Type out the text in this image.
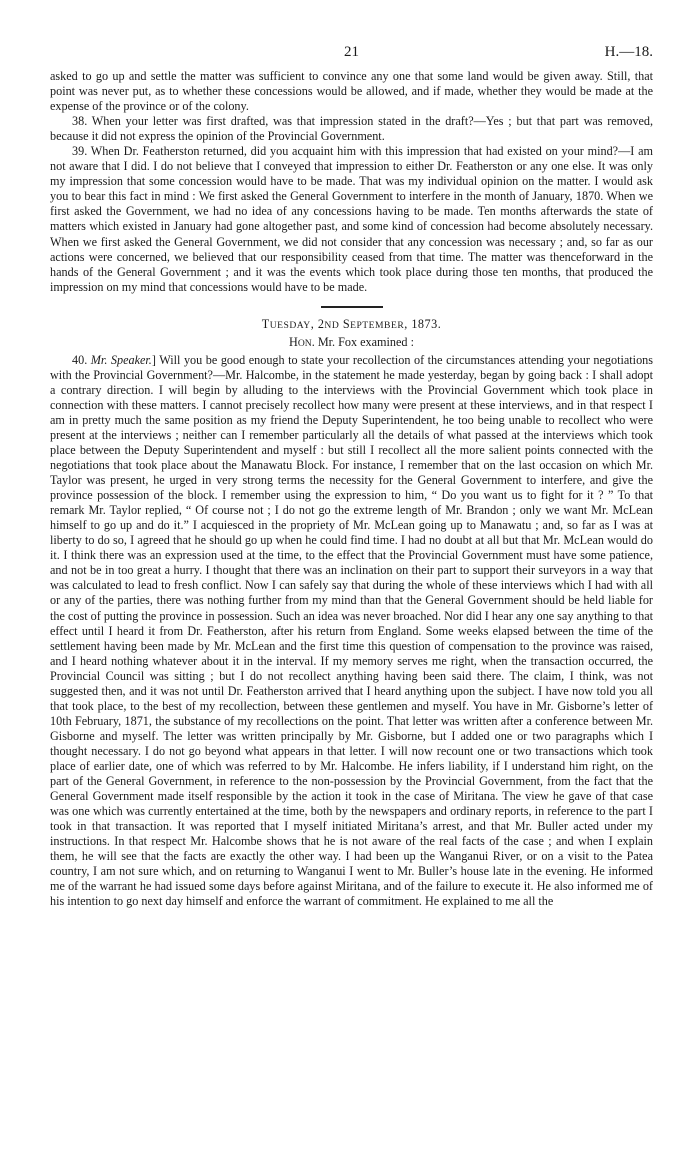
21	H.—18.

asked to go up and settle the matter was sufficient to convince any one that some land would be given away. Still, that point was never put, as to whether these concessions would be allowed, and if made, whether they would be made at the expense of the province or of the colony.

38. When your letter was first drafted, was that impression stated in the draft?—Yes ; but that part was removed, because it did not express the opinion of the Provincial Government.

39. When Dr. Featherston returned, did you acquaint him with this impression that had existed on your mind?—I am not aware that I did. I do not believe that I conveyed that impression to either Dr. Featherston or any one else. It was only my impression that some concession would have to be made. That was my individual opinion on the matter. I would ask you to bear this fact in mind : We first asked the General Government to interfere in the month of January, 1870. When we first asked the Government, we had no idea of any concessions having to be made. Ten months afterwards the state of matters which existed in January had gone altogether past, and some kind of concession had become absolutely necessary. When we first asked the General Government, we did not consider that any concession was necessary ; and, so far as our actions were concerned, we believed that our responsibility ceased from that time. The matter was thenceforward in the hands of the General Government ; and it was the events which took place during those ten months, that produced the impression on my mind that concessions would have to be made.

TUESDAY, 2ND SEPTEMBER, 1873.
HON. Mr. Fox examined :

40. Mr. Speaker.] Will you be good enough to state your recollection of the circumstances attending your negotiations with the Provincial Government?—Mr. Halcombe, in the statement he made yesterday, began by going back : I shall adopt a contrary direction. I will begin by alluding to the interviews with the Provincial Government which took place in connection with these matters. I cannot precisely recollect how many were present at these interviews, and in that respect I am in pretty much the same position as my friend the Deputy Superintendent, he too being unable to recollect who were present at the interviews ; neither can I remember particularly all the details of what passed at the interviews which took place between the Deputy Superintendent and myself : but still I recollect all the more salient points connected with the negotiations that took place about the Manawatu Block. For instance, I remember that on the last occasion on which Mr. Taylor was present, he urged in very strong terms the necessity for the General Government to interfere, and give the province possession of the block. I remember using the expression to him, “ Do you want us to fight for it ? ” To that remark Mr. Taylor replied, “ Of course not ; I do not go the extreme length of Mr. Brandon ; only we want Mr. McLean himself to go up and do it.” I acquiesced in the propriety of Mr. McLean going up to Manawatu ; and, so far as I was at liberty to do so, I agreed that he should go up when he could find time. I had no doubt at all but that Mr. McLean would do it. I think there was an expression used at the time, to the effect that the Provincial Government must have some patience, and not be in too great a hurry. I thought that there was an inclination on their part to support their surveyors in a way that was calculated to lead to fresh conflict. Now I can safely say that during the whole of these interviews which I had with all or any of the parties, there was nothing further from my mind than that the General Government should be held liable for the cost of putting the province in possession. Such an idea was never broached. Nor did I hear any one say anything to that effect until I heard it from Dr. Featherston, after his return from England. Some weeks elapsed between the time of the settlement having been made by Mr. McLean and the first time this question of compensation to the province was raised, and I heard nothing whatever about it in the interval. If my memory serves me right, when the transaction occurred, the Provincial Council was sitting ; but I do not recollect anything having been said there. The claim, I think, was not suggested then, and it was not until Dr. Featherston arrived that I heard anything upon the subject. I have now told you all that took place, to the best of my recollection, between these gentlemen and myself. You have in Mr. Gisborne’s letter of 10th February, 1871, the substance of my recollections on the point. That letter was written after a conference between Mr. Gisborne and myself. The letter was written principally by Mr. Gisborne, but I added one or two paragraphs which I thought necessary. I do not go beyond what appears in that letter. I will now recount one or two transactions which took place of earlier date, one of which was referred to by Mr. Halcombe. He infers liability, if I understand him right, on the part of the General Government, in reference to the non-possession by the Provincial Government, from the fact that the General Government made itself responsible by the action it took in the case of Miritana. The view he gave of that case was one which was currently entertained at the time, both by the newspapers and ordinary reports, in reference to the part I took in that transaction. It was reported that I myself initiated Miritana’s arrest, and that Mr. Buller acted under my instructions. In that respect Mr. Halcombe shows that he is not aware of the real facts of the case ; and when I explain them, he will see that the facts are exactly the other way. I had been up the Wanganui River, or on a visit to the Patea country, I am not sure which, and on returning to Wanganui I went to Mr. Buller’s house late in the evening. He informed me of the warrant he had issued some days before against Miritana, and of the failure to execute it. He also informed me of his intention to go next day himself and enforce the warrant of commitment. He explained to me all the
